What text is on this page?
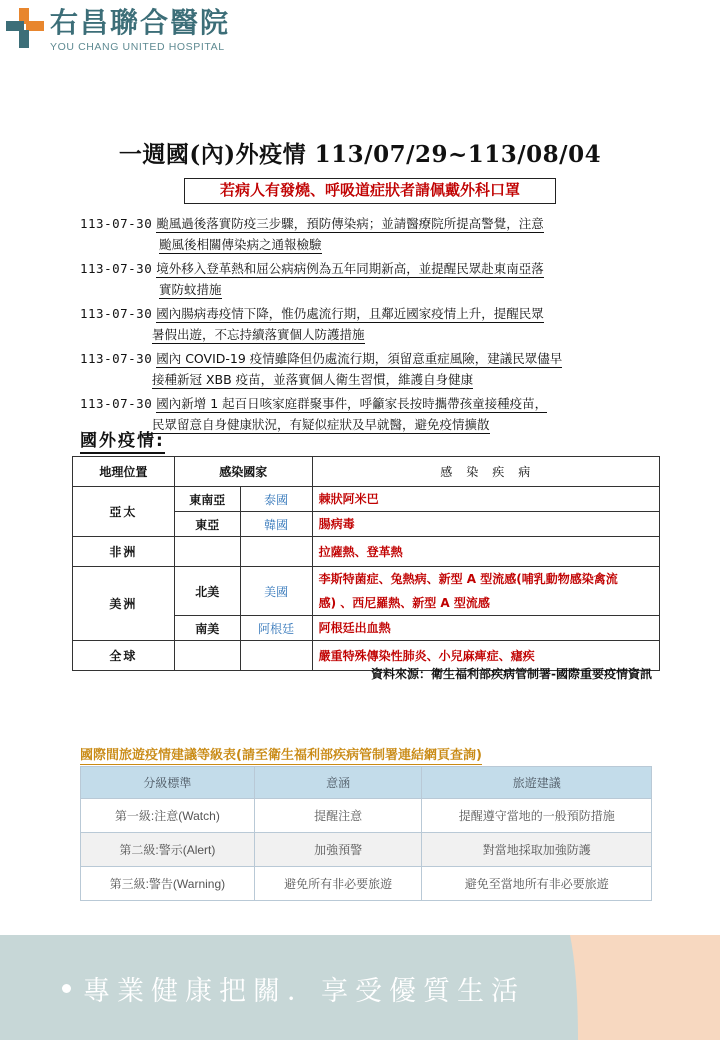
右昌聯合醫院
YOU CHANG UNITED HOSPITAL
一週國(內)外疫情 113/07/29~113/08/04
若病人有發燒、呼吸道症狀者請佩戴外科口罩
113-07-30 颱風過後落實防疫三步驟，預防傳染病；並請醫療院所提高警覺，注意
颱風後相關傳染病之通報檢驗
113-07-30 境外移入登革熱和屈公病病例為五年同期新高，並提醒民眾赴東南亞落
實防蚊措施
113-07-30 國內腸病毒疫情下降，惟仍處流行期，且鄰近國家疫情上升，提醒民眾
暑假出遊，不忘持續落實個人防護措施
113-07-30 國內 COVID-19 疫情雖降但仍處流行期，須留意重症風險，建議民眾儘早
接種新冠 XBB 疫苗，並落實個人衛生習慣，維護自身健康
113-07-30 國內新增 1 起百日咳家庭群聚事件，呼籲家長按時攜帶孩童接種疫苗，
民眾留意自身健康狀況，有疑似症狀及早就醫，避免疫情擴散
國外疫情:
地理位置	感染國家		感　染　疾　病
亞太	東南亞	泰國	棘狀阿米巴
	東亞	韓國	腸病毒
非洲			拉薩熱、登革熱
美洲	北美	美國	李斯特菌症、兔熱病、新型 A 型流感(哺乳動物感染禽流
感) 、西尼羅熱、新型 A 型流感

	南美	阿根廷	阿根廷出血熱
全球			嚴重特殊傳染性肺炎、小兒麻痺症、瘧疾
資料來源：衛生福利部疾病管制署-國際重要疫情資訊
國際間旅遊疫情建議等級表(請至衛生福利部疾病管制署連結網頁查詢)
分級標準	意涵	旅遊建議
第一級:注意(Watch)	提醒注意	提醒遵守當地的一般預防措施
第二級:警示(Alert)	加強預警	對當地採取加強防護
第三級:警告(Warning)	避免所有非必要旅遊	避免至當地所有非必要旅遊
專業健康把關．享受優質生活
